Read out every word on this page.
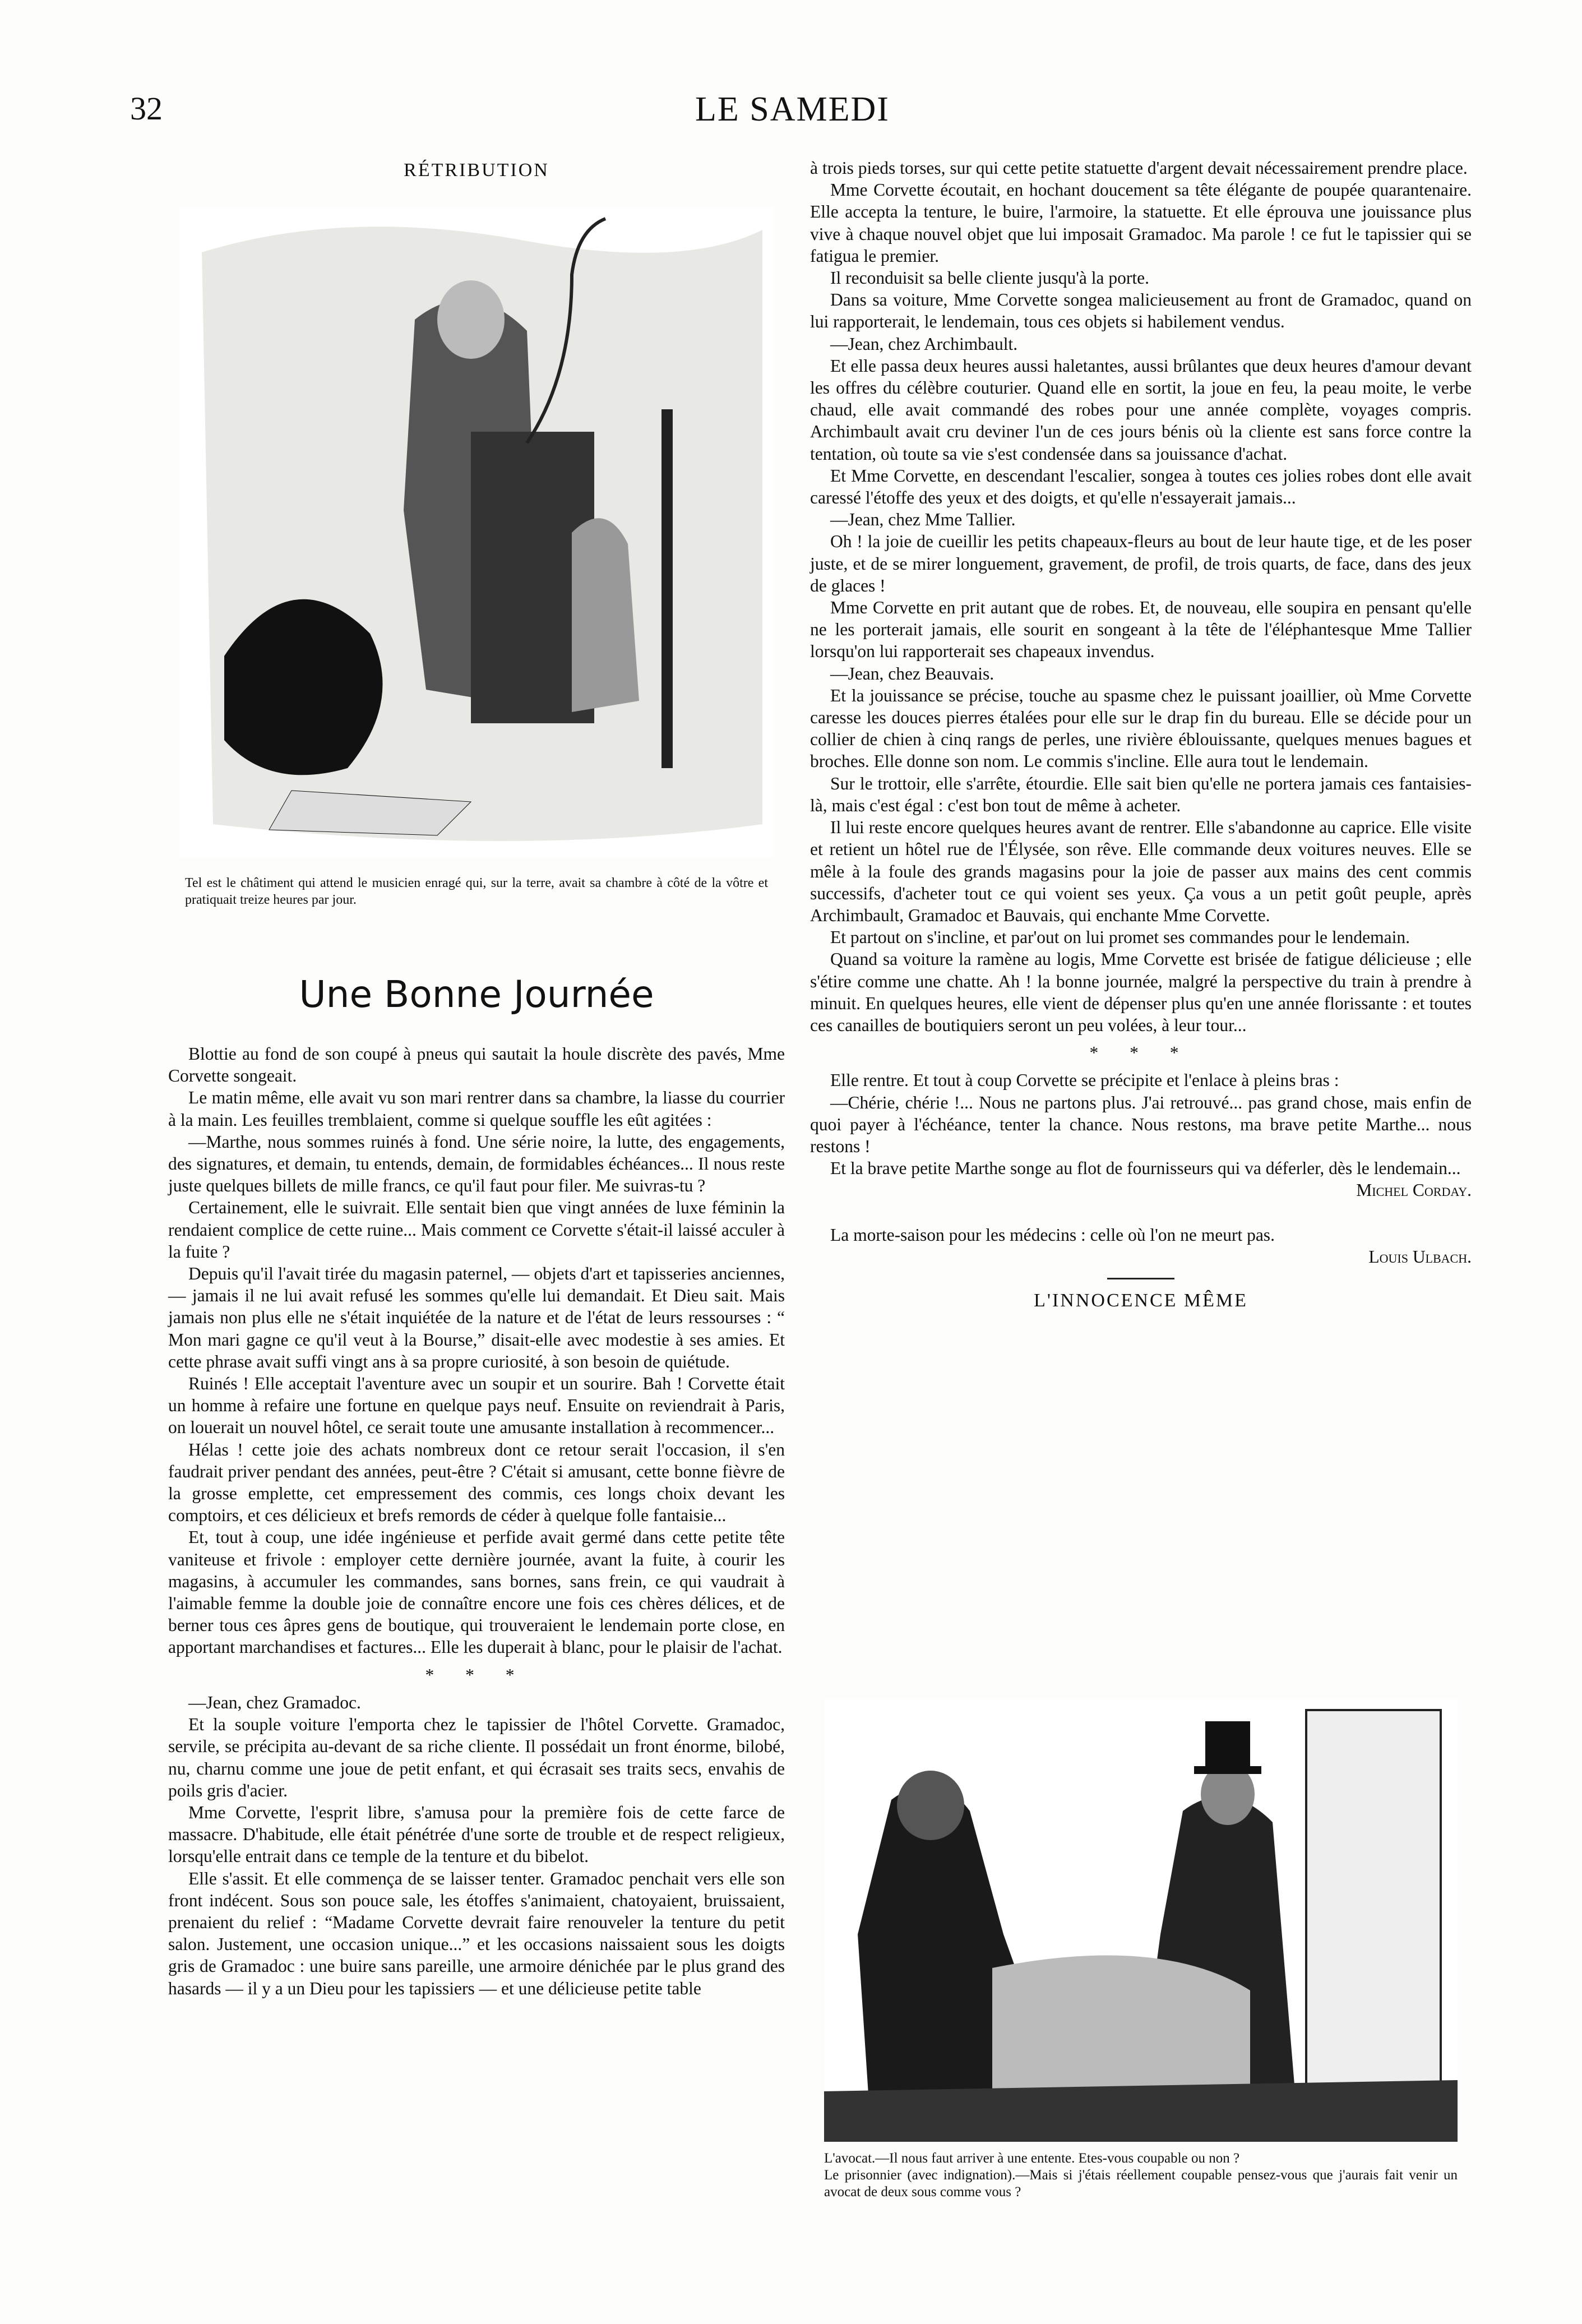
32	LE SAMEDI
RÉTRIBUTION
Tel est le châtiment qui attend le musicien enragé qui, sur la terre, avait sa chambre à côté de la vôtre et pratiquait treize heures par jour.
Une Bonne Journée

Blottie au fond de son coupé à pneus qui sautait la houle discrète des pavés, Mme Corvette songeait.

Le matin même, elle avait vu son mari rentrer dans sa chambre, la liasse du courrier à la main. Les feuilles tremblaient, comme si quelque souffle les eût agitées :

—Marthe, nous sommes ruinés à fond. Une série noire, la lutte, des engagements, des signatures, et demain, tu entends, demain, de formidables échéances... Il nous reste juste quelques billets de mille francs, ce qu'il faut pour filer. Me suivras-tu ?

Certainement, elle le suivrait. Elle sentait bien que vingt années de luxe féminin la rendaient complice de cette ruine... Mais comment ce Corvette s'était-il laissé acculer à la fuite ?

Depuis qu'il l'avait tirée du magasin paternel, — objets d'art et tapisseries anciennes, — jamais il ne lui avait refusé les sommes qu'elle lui demandait. Et Dieu sait. Mais jamais non plus elle ne s'était inquiétée de la nature et de l'état de leurs ressourses : “ Mon mari gagne ce qu'il veut à la Bourse,” disait-elle avec modestie à ses amies. Et cette phrase avait suffi vingt ans à sa propre curiosité, à son besoin de quiétude.

Ruinés ! Elle acceptait l'aventure avec un soupir et un sourire. Bah ! Corvette était un homme à refaire une fortune en quelque pays neuf. Ensuite on reviendrait à Paris, on louerait un nouvel hôtel, ce serait toute une amusante installation à recommencer...

Hélas ! cette joie des achats nombreux dont ce retour serait l'occasion, il s'en faudrait priver pendant des années, peut-être ? C'était si amusant, cette bonne fièvre de la grosse emplette, cet empressement des commis, ces longs choix devant les comptoirs, et ces délicieux et brefs remords de céder à quelque folle fantaisie...

Et, tout à coup, une idée ingénieuse et perfide avait germé dans cette petite tête vaniteuse et frivole : employer cette dernière journée, avant la fuite, à courir les magasins, à accumuler les commandes, sans bornes, sans frein, ce qui vaudrait à l'aimable femme la double joie de connaître encore une fois ces chères délices, et de berner tous ces âpres gens de boutique, qui trouveraient le lendemain porte close, en apportant marchandises et factures... Elle les duperait à blanc, pour le plaisir de l'achat.

* * *

—Jean, chez Gramadoc.

Et la souple voiture l'emporta chez le tapissier de l'hôtel Corvette. Gramadoc, servile, se précipita au-devant de sa riche cliente. Il possédait un front énorme, bilobé, nu, charnu comme une joue de petit enfant, et qui écrasait ses traits secs, envahis de poils gris d'acier.

Mme Corvette, l'esprit libre, s'amusa pour la première fois de cette farce de massacre. D'habitude, elle était pénétrée d'une sorte de trouble et de respect religieux, lorsqu'elle entrait dans ce temple de la tenture et du bibelot.

Elle s'assit. Et elle commença de se laisser tenter. Gramadoc penchait vers elle son front indécent. Sous son pouce sale, les étoffes s'animaient, chatoyaient, bruissaient, prenaient du relief : “Madame Corvette devrait faire renouveler la tenture du petit salon. Justement, une occasion unique...” et les occasions naissaient sous les doigts gris de Gramadoc : une buire sans pareille, une armoire dénichée par le plus grand des hasards — il y a un Dieu pour les tapissiers — et une délicieuse petite table

à trois pieds torses, sur qui cette petite statuette d'argent devait nécessairement prendre place.

Mme Corvette écoutait, en hochant doucement sa tête élégante de poupée quarantenaire. Elle accepta la tenture, le buire, l'armoire, la statuette. Et elle éprouva une jouissance plus vive à chaque nouvel objet que lui imposait Gramadoc. Ma parole ! ce fut le tapissier qui se fatigua le premier.

Il reconduisit sa belle cliente jusqu'à la porte.

Dans sa voiture, Mme Corvette songea malicieusement au front de Gramadoc, quand on lui rapporterait, le lendemain, tous ces objets si habilement vendus.

—Jean, chez Archimbault.

Et elle passa deux heures aussi haletantes, aussi brûlantes que deux heures d'amour devant les offres du célèbre couturier. Quand elle en sortit, la joue en feu, la peau moite, le verbe chaud, elle avait commandé des robes pour une année complète, voyages compris. Archimbault avait cru deviner l'un de ces jours bénis où la cliente est sans force contre la tentation, où toute sa vie s'est condensée dans sa jouissance d'achat.

Et Mme Corvette, en descendant l'escalier, songea à toutes ces jolies robes dont elle avait caressé l'étoffe des yeux et des doigts, et qu'elle n'essayerait jamais...

—Jean, chez Mme Tallier.

Oh ! la joie de cueillir les petits chapeaux-fleurs au bout de leur haute tige, et de les poser juste, et de se mirer longuement, gravement, de profil, de trois quarts, de face, dans des jeux de glaces !

Mme Corvette en prit autant que de robes. Et, de nouveau, elle soupira en pensant qu'elle ne les porterait jamais, elle sourit en songeant à la tête de l'éléphantesque Mme Tallier lorsqu'on lui rapporterait ses chapeaux invendus.

—Jean, chez Beauvais.

Et la jouissance se précise, touche au spasme chez le puissant joaillier, où Mme Corvette caresse les douces pierres étalées pour elle sur le drap fin du bureau. Elle se décide pour un collier de chien à cinq rangs de perles, une rivière éblouissante, quelques menues bagues et broches. Elle donne son nom. Le commis s'incline. Elle aura tout le lendemain.

Sur le trottoir, elle s'arrête, étourdie. Elle sait bien qu'elle ne portera jamais ces fantaisies-là, mais c'est égal : c'est bon tout de même à acheter.

Il lui reste encore quelques heures avant de rentrer. Elle s'abandonne au caprice. Elle visite et retient un hôtel rue de l'Élysée, son rêve. Elle commande deux voitures neuves. Elle se mêle à la foule des grands magasins pour la joie de passer aux mains des cent commis successifs, d'acheter tout ce qui voient ses yeux. Ça vous a un petit goût peuple, après Archimbault, Gramadoc et Bauvais, qui enchante Mme Corvette.

Et partout on s'incline, et par'out on lui promet ses commandes pour le lendemain.

Quand sa voiture la ramène au logis, Mme Corvette est brisée de fatigue délicieuse ; elle s'étire comme une chatte. Ah ! la bonne journée, malgré la perspective du train à prendre à minuit. En quelques heures, elle vient de dépenser plus qu'en une année florissante : et toutes ces canailles de boutiquiers seront un peu volées, à leur tour...

* * *

Elle rentre. Et tout à coup Corvette se précipite et l'enlace à pleins bras :

—Chérie, chérie !... Nous ne partons plus. J'ai retrouvé... pas grand chose, mais enfin de quoi payer à l'échéance, tenter la chance. Nous restons, ma brave petite Marthe... nous restons !

Et la brave petite Marthe songe au flot de fournisseurs qui va déferler, dès le lendemain...

Michel Corday.

La morte-saison pour les médecins : celle où l'on ne meurt pas.

Louis Ulbach.
L'INNOCENCE MÊME
L'avocat.—Il nous faut arriver à une entente. Etes-vous coupable ou non ?
Le prisonnier (avec indignation).—Mais si j'étais réellement coupable pensez-vous que j'aurais fait venir un avocat de deux sous comme vous ?
